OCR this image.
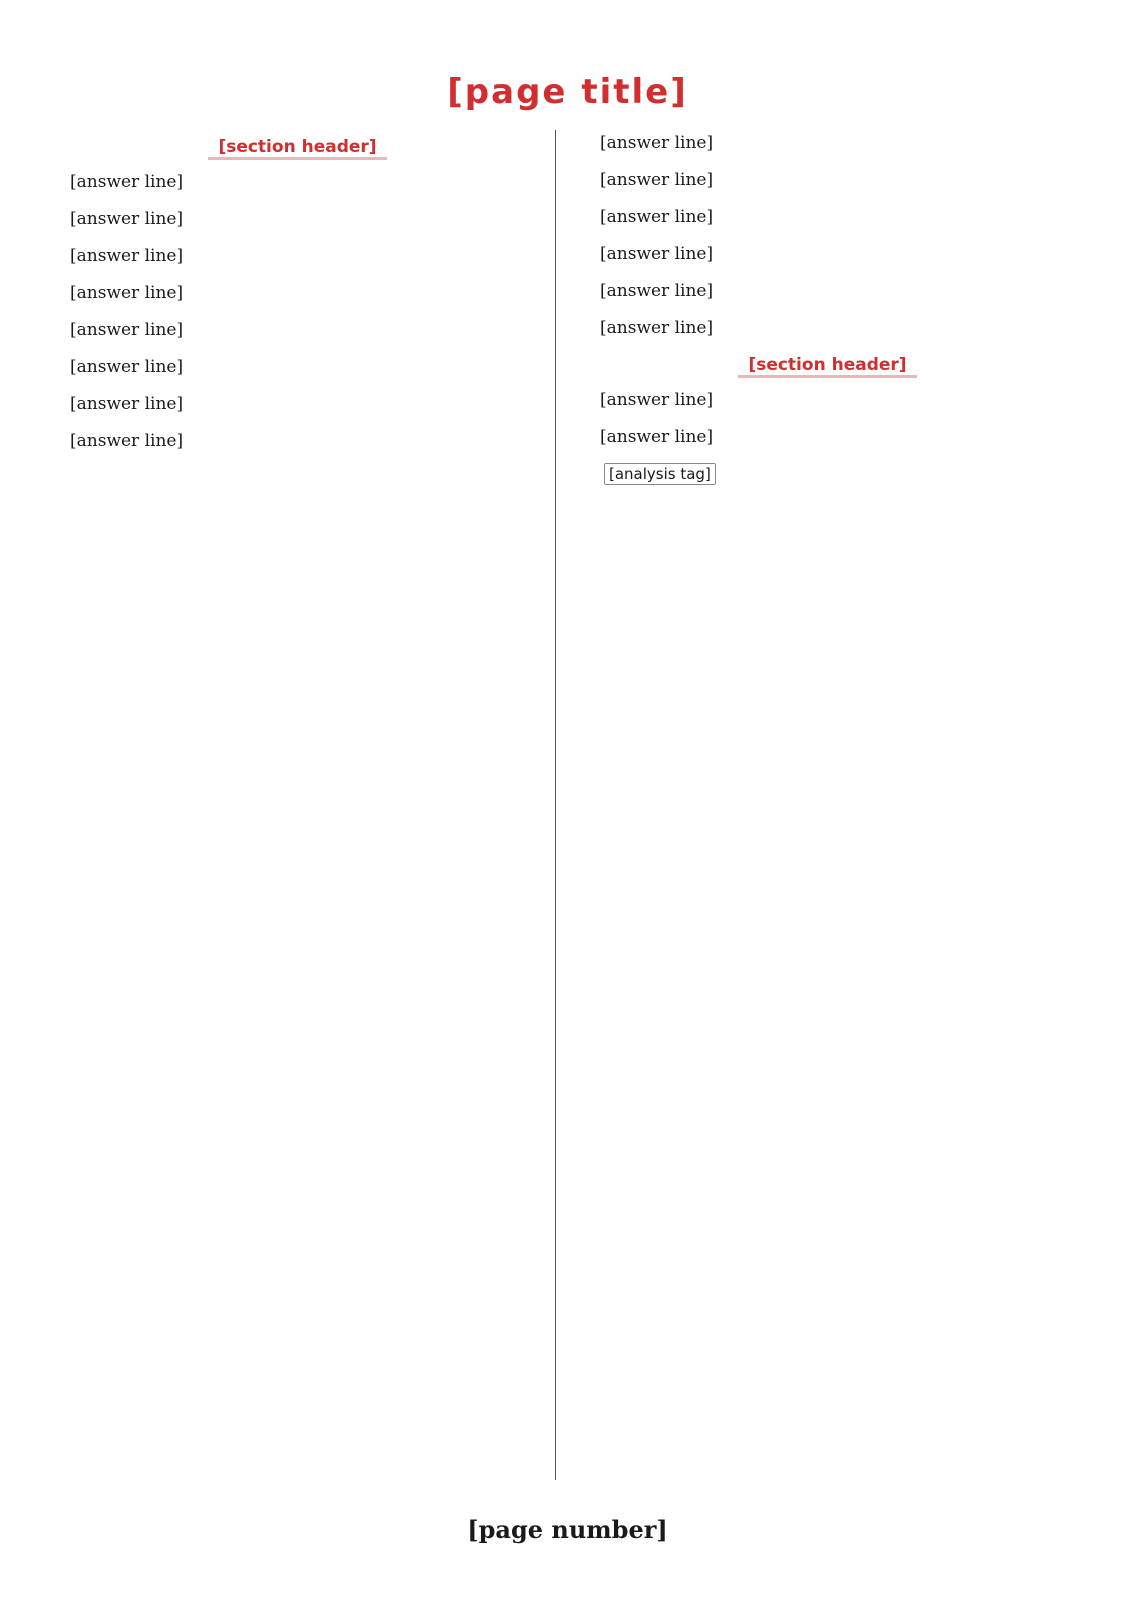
[page title]
[section header]

[answer line]

[answer line]

[answer line]

[answer line]

[answer line]

[answer line]

[answer line]

[answer line]

[answer line]

[answer line]

[answer line]

[answer line]

[answer line]

[answer line]

[section header]

[answer line]

[answer line]

[analysis tag]

[page number]
